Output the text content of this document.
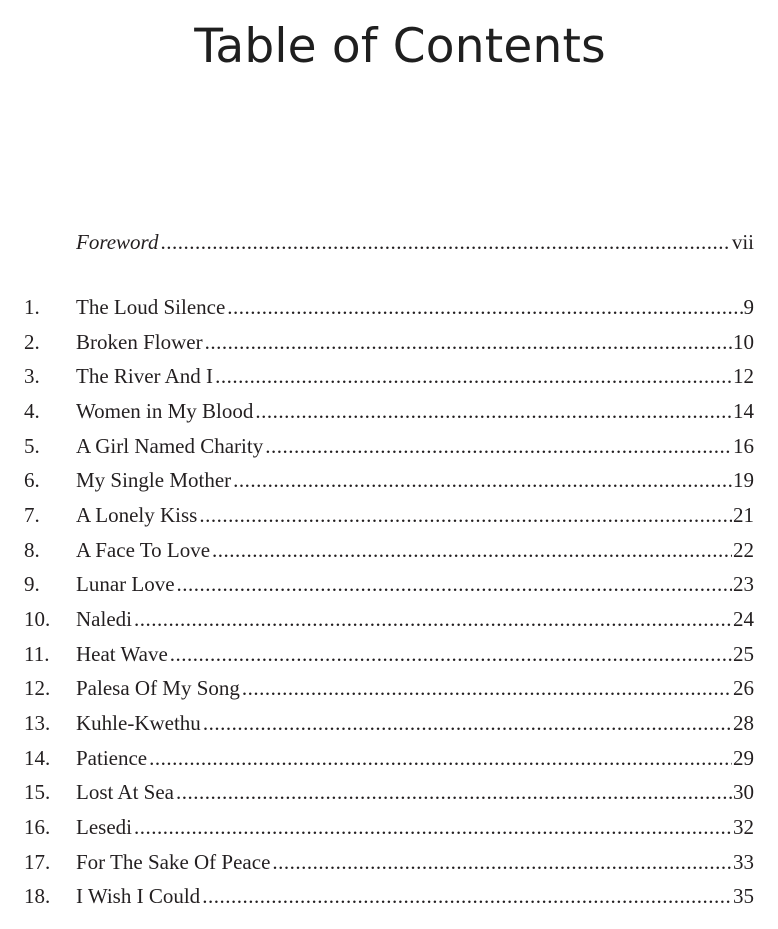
Table of Contents
Foreword .....	vii
1.	The Loud Silence .....	9
2.	Broken Flower .....	10
3.	The River And I .....	12
4.	Women in My Blood .....	14
5.	A Girl Named Charity .....	16
6.	My Single Mother .....	19
7.	A Lonely Kiss .....	21
8.	A Face To Love .....	22
9.	Lunar Love .....	23
10.	Naledi .....	24
11.	Heat Wave .....	25
12.	Palesa Of My Song .....	26
13.	Kuhle-Kwethu .....	28
14.	Patience .....	29
15.	Lost At Sea .....	30
16.	Lesedi .....	32
17.	For The Sake Of Peace .....	33
18.	I Wish I Could .....	35
